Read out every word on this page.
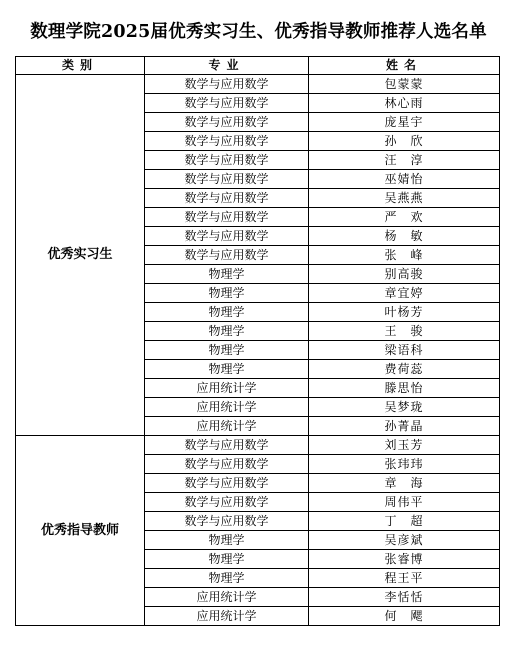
数理学院2025届优秀实习生、优秀指导教师推荐人选名单
类别	专业	姓名
优秀实习生	数学与应用数学	包蒙蒙
	数学与应用数学	林心雨
	数学与应用数学	庞星宇
	数学与应用数学	孙　欣
	数学与应用数学	汪　淳
	数学与应用数学	巫婧怡
	数学与应用数学	吴燕燕
	数学与应用数学	严　欢
	数学与应用数学	杨　敏
	数学与应用数学	张　峰
	物理学	别高骏
	物理学	章宜婷
	物理学	叶杨芳
	物理学	王　骏
	物理学	梁语科
	物理学	费荷蕊
	应用统计学	滕思怡
	应用统计学	吴梦珑
	应用统计学	孙菁晶
优秀指导教师	数学与应用数学	刘玉芳
	数学与应用数学	张玮玮
	数学与应用数学	章　海
	数学与应用数学	周伟平
	数学与应用数学	丁　超
	物理学	吴彦斌
	物理学	张睿博
	物理学	程王平
	应用统计学	李恬恬
	应用统计学	何　飔
